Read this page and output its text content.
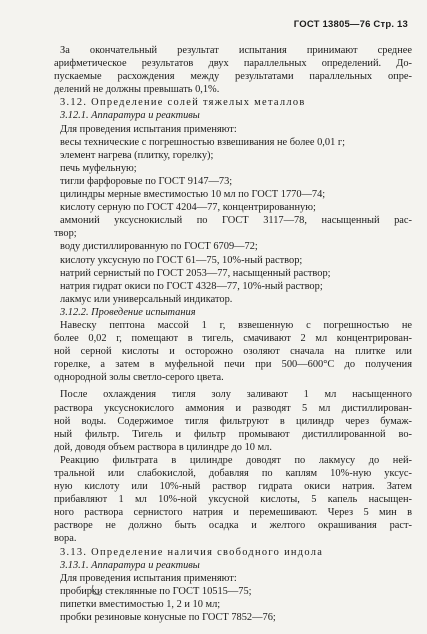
ГОСТ 13805—76 Стр. 13
За окончательный результат испытания принимают среднее
арифметическое результатов двух параллельных определений. До-
пускаемые расхождения между результатами параллельных опре-
делений не должны превышать 0,1%.
3.12. Определение солей тяжелых металлов
3.12.1. Аппаратура и реактивы
Для проведения испытания применяют:
весы технические с погрешностью взвешивания не более 0,01 г;
элемент нагрева (плитку, горелку);
печь муфельную;
тигли фарфоровые по ГОСТ 9147—73;
цилиндры мерные вместимостью 10 мл по ГОСТ 1770—74;
кислоту серную по ГОСТ 4204—77, концентрированную;
аммоний уксуснокислый по ГОСТ 3117—78, насыщенный рас-
твор;
воду дистиллированную по ГОСТ 6709—72;
кислоту уксусную по ГОСТ 61—75, 10%-ный раствор;
натрий сернистый по ГОСТ 2053—77, насыщенный раствор;
натрия гидрат окиси по ГОСТ 4328—77, 10%-ный раствор;
лакмус или универсальный индикатор.
3.12.2. Проведение испытания
Навеску пептона массой 1 г, взвешенную с погрешностью не
более 0,02 г, помещают в тигель, смачивают 2 мл концентрирован-
ной серной кислоты и осторожно озоляют сначала на плитке или
горелке, а затем в муфельной печи при 500—600°С до получения
однородной золы светло-серого цвета.
После охлаждения тигля золу заливают 1 мл насыщенного
раствора уксуснокислого аммония и разводят 5 мл дистиллирован-
ной воды. Содержимое тигля фильтруют в цилиндр через бумаж-
ный фильтр. Тигель и фильтр промывают дистиллированной во-
дой, доводя объем раствора в цилиндре до 10 мл.
Реакцию фильтрата в цилиндре доводят по лакмусу до ней-
тральной или слабокислой, добавляя по каплям 10%-ную уксус-
ную кислоту или 10%-ный раствор гидрата окиси натрия. Затем
прибавляют 1 мл 10%-ной уксусной кислоты, 5 капель насыщен-
ного раствора сернистого натрия и перемешивают. Через 5 мин в
растворе не должно быть осадка и желтого окрашивания раст-
вора.
3.13. Определение наличия свободного индола
3.13.1. Аппаратура и реактивы
Для проведения испытания применяют:
пробирки стеклянные по ГОСТ 10515—75;
пипетки вместимостью 1, 2 и 10 мл;
пробки резиновые конусные по ГОСТ 7852—76;
